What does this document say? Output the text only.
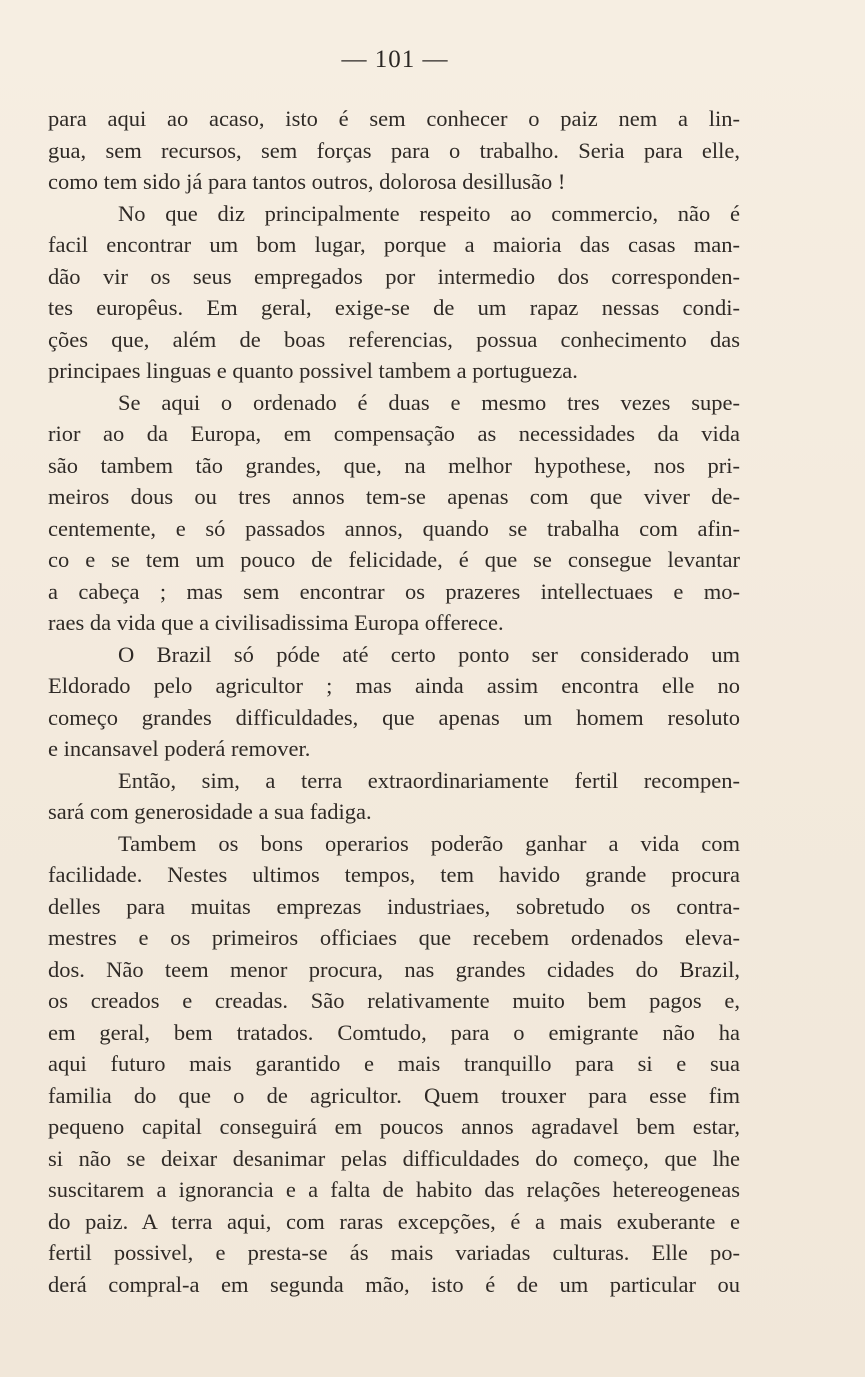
— 101 —
para aqui ao acaso, isto é sem conhecer o paiz nem a lin-
gua, sem recursos, sem forças para o trabalho. Seria para elle,
como tem sido já para tantos outros, dolorosa desillusão !
No que diz principalmente respeito ao commercio, não é
facil encontrar um bom lugar, porque a maioria das casas man-
dão vir os seus empregados por intermedio dos corresponden-
tes europêus. Em geral, exige-se de um rapaz nessas condi-
ções que, além de boas referencias, possua conhecimento das
principaes linguas e quanto possivel tambem a portugueza.
Se aqui o ordenado é duas e mesmo tres vezes supe-
rior ao da Europa, em compensação as necessidades da vida
são tambem tão grandes, que, na melhor hypothese, nos pri-
meiros dous ou tres annos tem-se apenas com que viver de-
centemente, e só passados annos, quando se trabalha com afin-
co e se tem um pouco de felicidade, é que se consegue levantar
a cabeça ; mas sem encontrar os prazeres intellectuaes e mo-
raes da vida que a civilisadissima Europa offerece.
O Brazil só póde até certo ponto ser considerado um
Eldorado pelo agricultor ; mas ainda assim encontra elle no
começo grandes difficuldades, que apenas um homem resoluto
e incansavel poderá remover.
Então, sim, a terra extraordinariamente fertil recompen-
sará com generosidade a sua fadiga.
Tambem os bons operarios poderão ganhar a vida com
facilidade. Nestes ultimos tempos, tem havido grande procura
delles para muitas emprezas industriaes, sobretudo os contra-
mestres e os primeiros officiaes que recebem ordenados eleva-
dos. Não teem menor procura, nas grandes cidades do Brazil,
os creados e creadas. São relativamente muito bem pagos e,
em geral, bem tratados. Comtudo, para o emigrante não ha
aqui futuro mais garantido e mais tranquillo para si e sua
familia do que o de agricultor. Quem trouxer para esse fim
pequeno capital conseguirá em poucos annos agradavel bem estar,
si não se deixar desanimar pelas difficuldades do começo, que lhe
suscitarem a ignorancia e a falta de habito das relações hetereogeneas
do paiz. A terra aqui, com raras excepções, é a mais exuberante e
fertil possivel, e presta-se ás mais variadas culturas. Elle po-
derá compral-a em segunda mão, isto é de um particular ou
